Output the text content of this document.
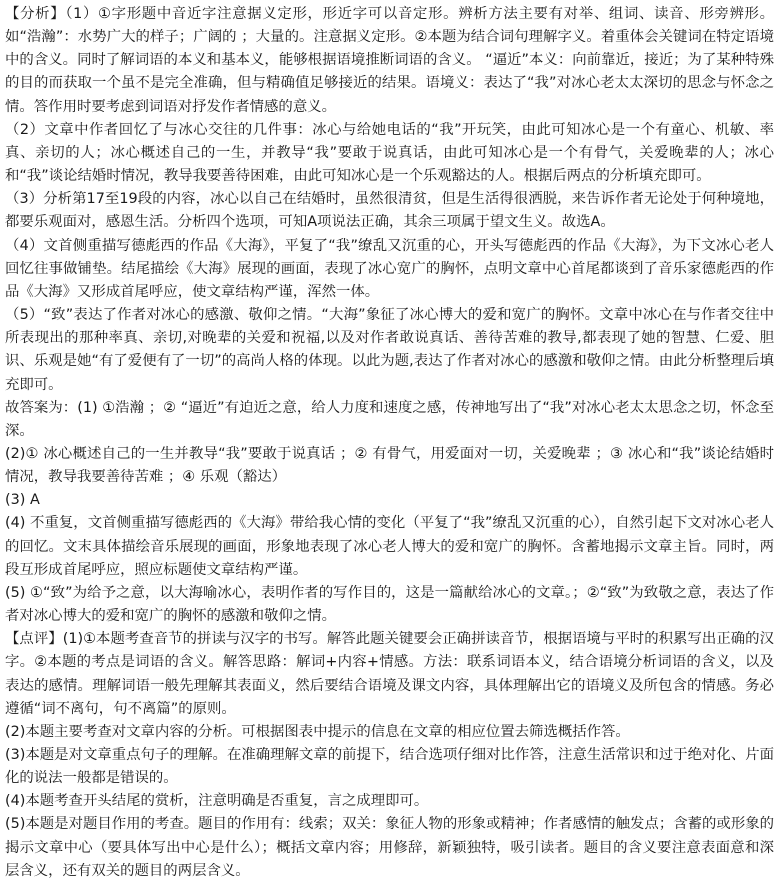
【分析】（1）①字形题中音近字注意据义定形，形近字可以音定形。辨析方法主要有对举、组词、读音、形旁辨形。如“浩瀚”：水势广大的样子；广阔的 ；大量的。注意据义定形。②本题为结合词句理解字义。着重体会关键词在特定语境中的含义。同时了解词语的本义和基本义，能够根据语境推断词语的含义。 “逼近”本义：向前靠近，接近；为了某种特殊的目的而获取一个虽不是完全准确，但与精确值足够接近的结果。语境义：表达了“我”对冰心老太太深切的思念与怀念之情。答作用时要考虑到词语对抒发作者情感的意义。

（2）文章中作者回忆了与冰心交往的几件事：冰心与给她电话的“我”开玩笑，由此可知冰心是一个有童心、机敏、率真、亲切的人；冰心概述自己的一生，并教导“我”要敢于说真话，由此可知冰心是一个有骨气，关爱晚辈的人；冰心和“我”谈论结婚时情况，教导我要善待困难，由此可知冰心是一个乐观豁达的人。根据后两点的分析填充即可。

（3）分析第17至19段的内容，冰心以自己在结婚时，虽然很清贫，但是生活得很洒脱，来告诉作者无论处于何种境地，都要乐观面对，感恩生活。分析四个选项，可知A项说法正确，其余三项属于望文生义。故选A。

（4）文首侧重描写德彪西的作品《大海》，平复了“我”缭乱又沉重的心，开头写德彪西的作品《大海》，为下文冰心老人回忆往事做铺垫。结尾描绘《大海》展现的画面，表现了冰心宽广的胸怀，点明文章中心首尾都谈到了音乐家德彪西的作品《大海》又形成首尾呼应，使文章结构严谨，浑然一体。

（5）“致”表达了作者对冰心的感激、敬仰之情。“大海”象征了冰心博大的爱和宽广的胸怀。文章中冰心在与作者交往中所表现出的那种率真、亲切,对晚辈的关爱和祝福,以及对作者敢说真话、善待苦难的教导,都表现了她的智慧、仁爱、胆识、乐观是她“有了爱便有了一切”的高尚人格的体现。以此为题,表达了作者对冰心的感激和敬仰之情。由此分析整理后填充即可。

故答案为：(1) ①浩瀚 ；② “逼近”有迫近之意，给人力度和速度之感，传神地写出了“我”对冰心老太太思念之切，怀念至深。

(2)① 冰心概述自己的一生并教导“我”要敢于说真话 ；② 有骨气，用爱面对一切，关爱晚辈 ；③ 冰心和“我”谈论结婚时情况，教导我要善待苦难 ；④ 乐观（豁达）

(3) A

(4) 不重复，文首侧重描写德彪西的《大海》带给我心情的变化（平复了“我”缭乱又沉重的心），自然引起下文对冰心老人的回忆。文末具体描绘音乐展现的画面，形象地表现了冰心老人博大的爱和宽广的胸怀。含蓄地揭示文章主旨。同时，两段互形成首尾呼应，照应标题使文章结构严谨。

(5) ①“致”为给予之意，以大海喻冰心，表明作者的写作目的，这是一篇献给冰心的文章。；②“致”为致敬之意，表达了作者对冰心博大的爱和宽广的胸怀的感激和敬仰之情。

【点评】(1)①本题考查音节的拼读与汉字的书写。解答此题关键要会正确拼读音节，根据语境与平时的积累写出正确的汉字。②本题的考点是词语的含义。解答思路：解词+内容+情感。方法：联系词语本义，结合语境分析词语的含义，以及表达的感情。理解词语一般先理解其表面义，然后要结合语境及课文内容，具体理解出它的语境义及所包含的情感。务必遵循“词不离句，句不离篇”的原则。

(2)本题主要考查对文章内容的分析。可根据图表中提示的信息在文章的相应位置去筛选概括作答。

(3)本题是对文章重点句子的理解。在准确理解文章的前提下，结合选项仔细对比作答，注意生活常识和过于绝对化、片面化的说法一般都是错误的。

(4)本题考查开头结尾的赏析，注意明确是否重复，言之成理即可。

(5)本题是对题目作用的考查。题目的作用有：线索；双关：象征人物的形象或精神；作者感情的触发点；含蓄的或形象的揭示文章中心（要具体写出中心是什么）；概括文章内容；用修辞，新颖独特，吸引读者。题目的含义要注意表面意和深层含义，还有双关的题目的两层含义。
